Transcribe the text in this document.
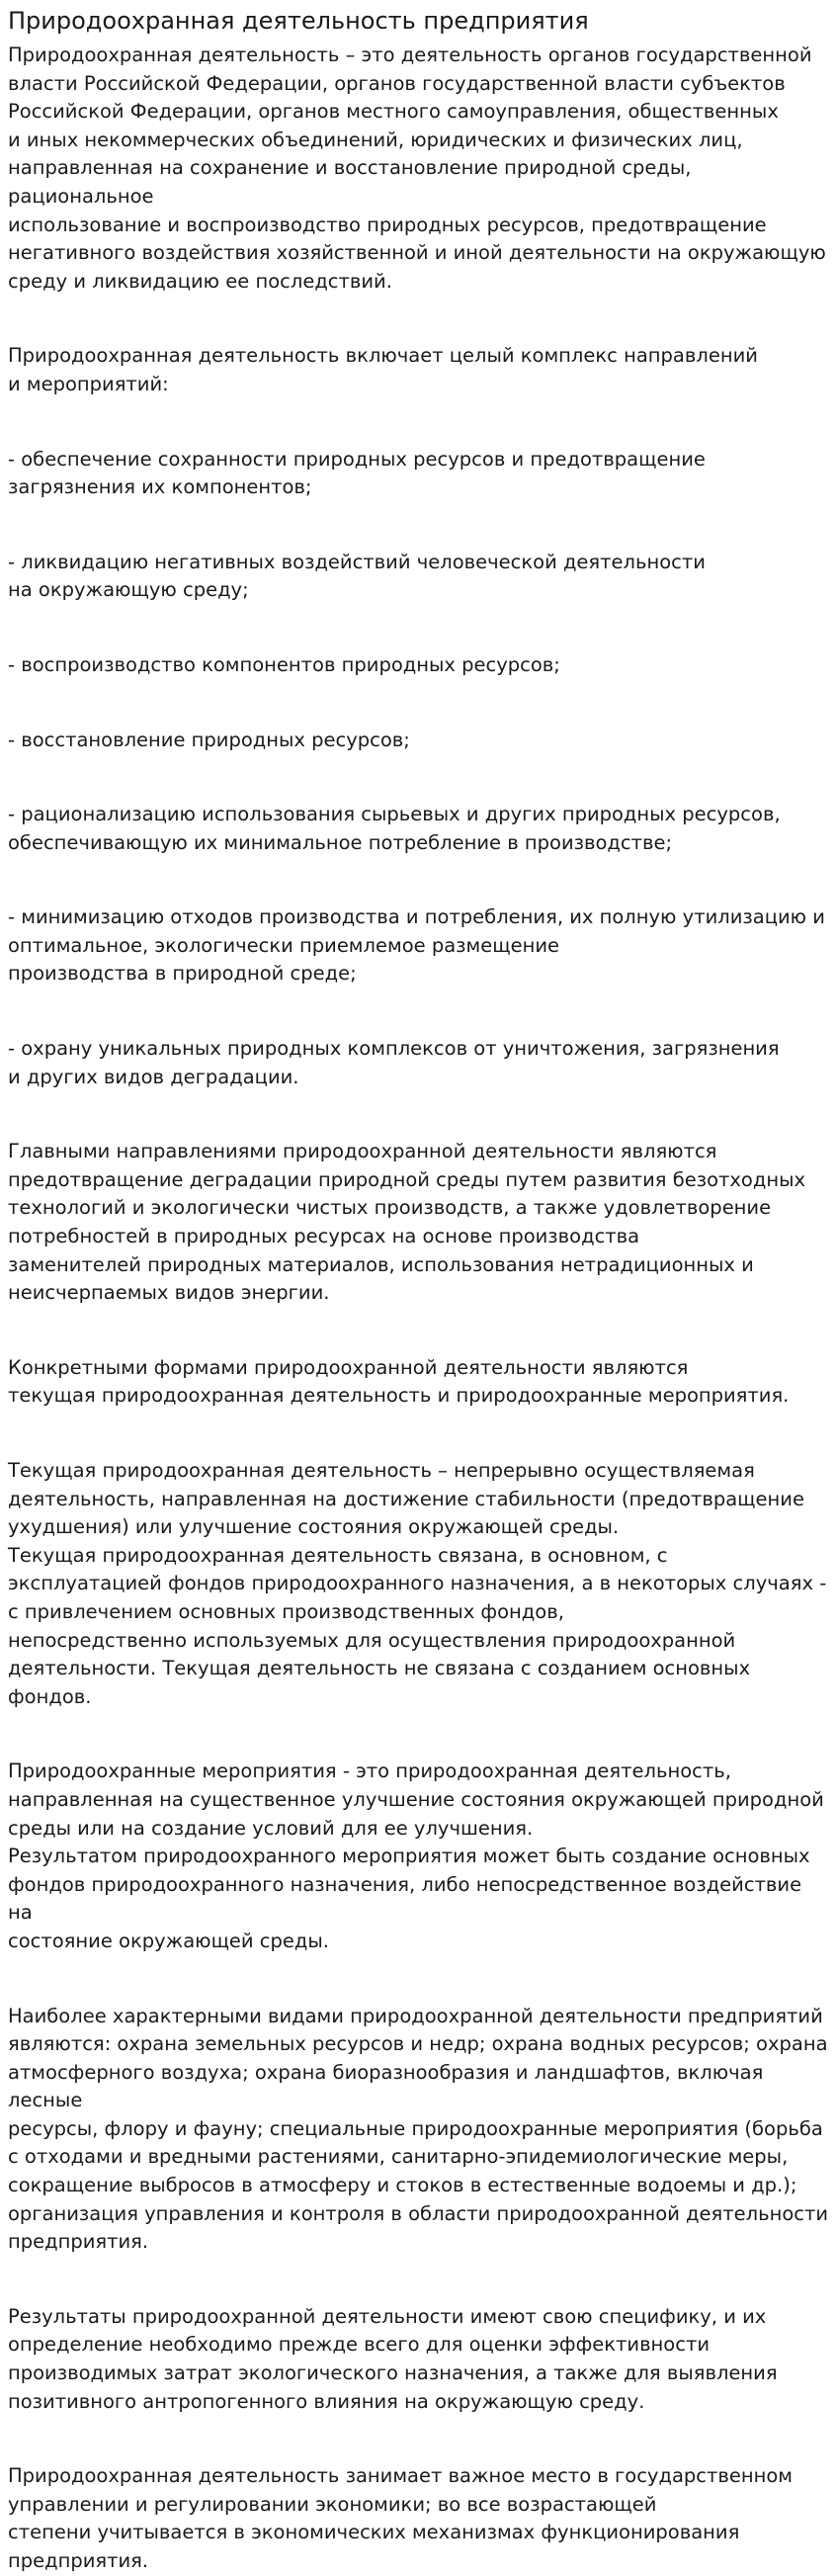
Природоохранная деятельность предприятия

Природоохранная деятельность – это деятельность органов государственной
власти Российской Федерации, органов государственной власти субъектов
Российской Федерации, органов местного самоуправления, общественных
и иных некоммерческих объединений, юридических и физических лиц,
направленная на сохранение и восстановление природной среды, рациональное
использование и воспроизводство природных ресурсов, предотвращение
негативного воздействия хозяйственной и иной деятельности на окружающую
среду и ликвидацию ее последствий.

Природоохранная деятельность включает целый комплекс направлений
и мероприятий:

- обеспечение сохранности природных ресурсов и предотвращение
загрязнения их компонентов;

- ликвидацию негативных воздействий человеческой деятельности
на окружающую среду;

- воспроизводство компонентов природных ресурсов;

- восстановление природных ресурсов;

- рационализацию использования сырьевых и других природных ресурсов,
обеспечивающую их минимальное потребление в производстве;

- минимизацию отходов производства и потребления, их полную утилизацию и
оптимальное, экологически приемлемое размещение
производства в природной среде;

- охрану уникальных природных комплексов от уничтожения, загрязнения
и других видов деградации.

Главными направлениями природоохранной деятельности являются
предотвращение деградации природной среды путем развития безотходных
технологий и экологически чистых производств, а также удовлетворение
потребностей в природных ресурсах на основе производства
заменителей природных материалов, использования нетрадиционных и
неисчерпаемых видов энергии.

Конкретными формами природоохранной деятельности являются
текущая природоохранная деятельность и природоохранные мероприятия.

Текущая природоохранная деятельность – непрерывно осуществляемая
деятельность, направленная на достижение стабильности (предотвращение
ухудшения) или улучшение состояния окружающей среды.
Текущая природоохранная деятельность связана, в основном, с
эксплуатацией фондов природоохранного назначения, а в некоторых случаях -
с привлечением основных производственных фондов,
непосредственно используемых для осуществления природоохранной
деятельности. Текущая деятельность не связана с созданием основных фондов.

Природоохранные мероприятия - это природоохранная деятельность,
направленная на существенное улучшение состояния окружающей природной
среды или на создание условий для ее улучшения.
Результатом природоохранного мероприятия может быть создание основных
фондов природоохранного назначения, либо непосредственное воздействие на
состояние окружающей среды.

Наиболее характерными видами природоохранной деятельности предприятий
являются: охрана земельных ресурсов и недр; охрана водных ресурсов; охрана
атмосферного воздуха; охрана биоразнообразия и ландшафтов, включая лесные
ресурсы, флору и фауну; специальные природоохранные мероприятия (борьба
с отходами и вредными растениями, санитарно-эпидемиологические меры,
сокращение выбросов в атмосферу и стоков в естественные водоемы и др.);
организация управления и контроля в области природоохранной деятельности
предприятия.

Результаты природоохранной деятельности имеют свою специфику, и их
определение необходимо прежде всего для оценки эффективности
производимых затрат экологического назначения, а также для выявления
позитивного антропогенного влияния на окружающую среду.

Природоохранная деятельность занимает важное место в государственном
управлении и регулировании экономики; во все возрастающей
степени учитывается в экономических механизмах функционирования
предприятия.
